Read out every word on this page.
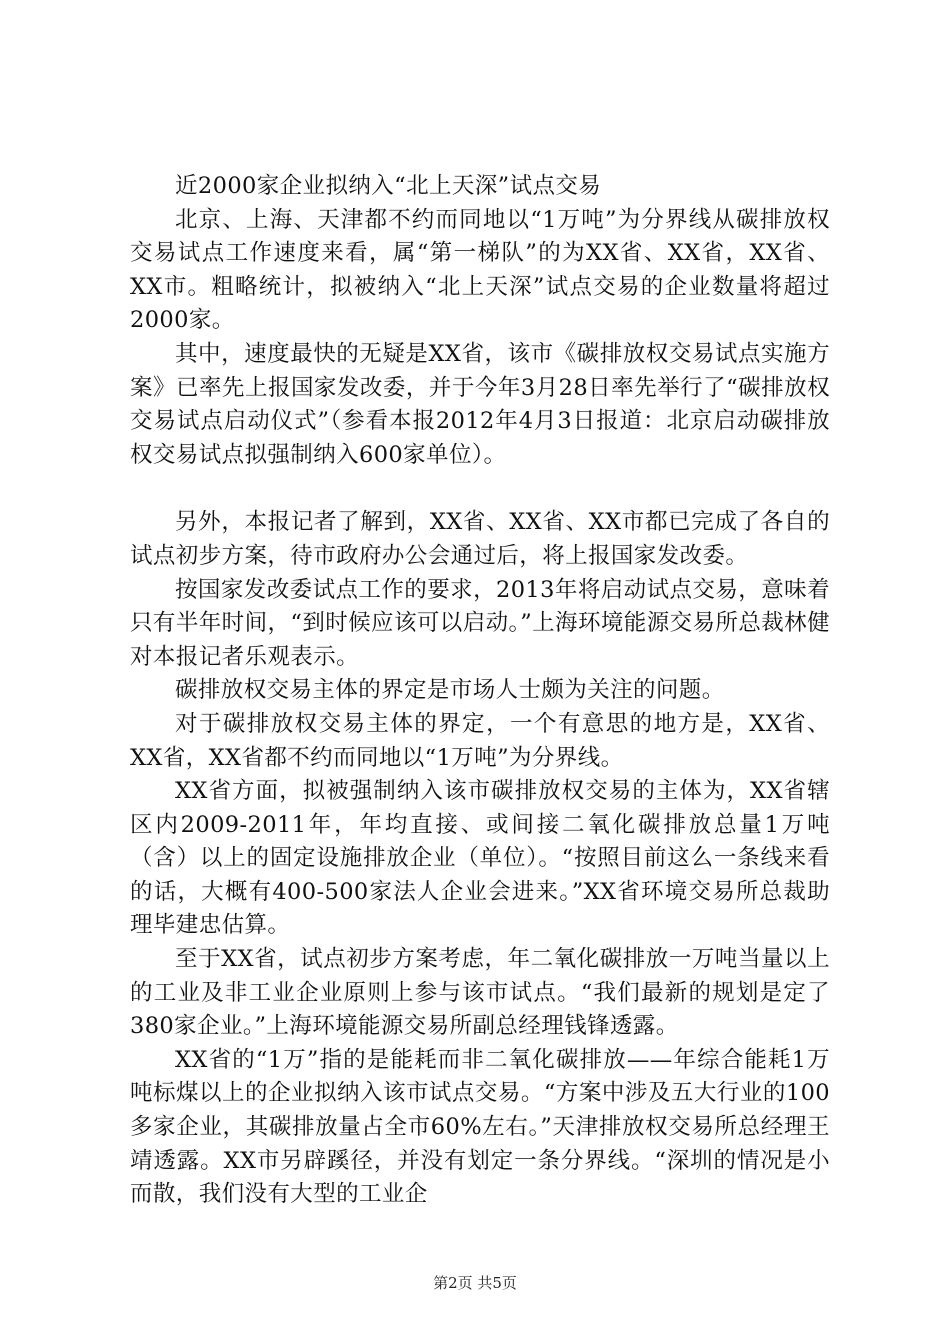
近2000家企业拟纳入“北上天深”试点交易

北京、上海、天津都不约而同地以“1万吨”为分界线从碳排放权交易试点工作速度来看，属“第一梯队”的为XX省、XX省，XX省、XX市。粗略统计，拟被纳入“北上天深”试点交易的企业数量将超过2000家。

其中，速度最快的无疑是XX省，该市《碳排放权交易试点实施方案》已率先上报国家发改委，并于今年3月28日率先举行了“碳排放权交易试点启动仪式”（参看本报2012年4月3日报道：北京启动碳排放权交易试点拟强制纳入600家单位）。

另外，本报记者了解到，XX省、XX省、XX市都已完成了各自的试点初步方案，待市政府办公会通过后，将上报国家发改委。

按国家发改委试点工作的要求，2013年将启动试点交易，意味着只有半年时间，“到时候应该可以启动。”上海环境能源交易所总裁林健对本报记者乐观表示。

碳排放权交易主体的界定是市场人士颇为关注的问题。

对于碳排放权交易主体的界定，一个有意思的地方是，XX省、XX省，XX省都不约而同地以“1万吨”为分界线。

XX省方面，拟被强制纳入该市碳排放权交易的主体为，XX省辖区内2009-2011年，年均直接、或间接二氧化碳排放总量1万吨（含）以上的固定设施排放企业（单位）。“按照目前这么一条线来看的话，大概有400-500家法人企业会进来。”XX省环境交易所总裁助理毕建忠估算。

至于XX省，试点初步方案考虑，年二氧化碳排放一万吨当量以上的工业及非工业企业原则上参与该市试点。“我们最新的规划是定了380家企业。”上海环境能源交易所副总经理钱锋透露。

XX省的“1万”指的是能耗而非二氧化碳排放——年综合能耗1万吨标煤以上的企业拟纳入该市试点交易。“方案中涉及五大行业的100多家企业，其碳排放量占全市60%左右。”天津排放权交易所总经理王靖透露。XX市另辟蹊径，并没有划定一条分界线。“深圳的情况是小而散，我们没有大型的工业企

第2页 共5页
